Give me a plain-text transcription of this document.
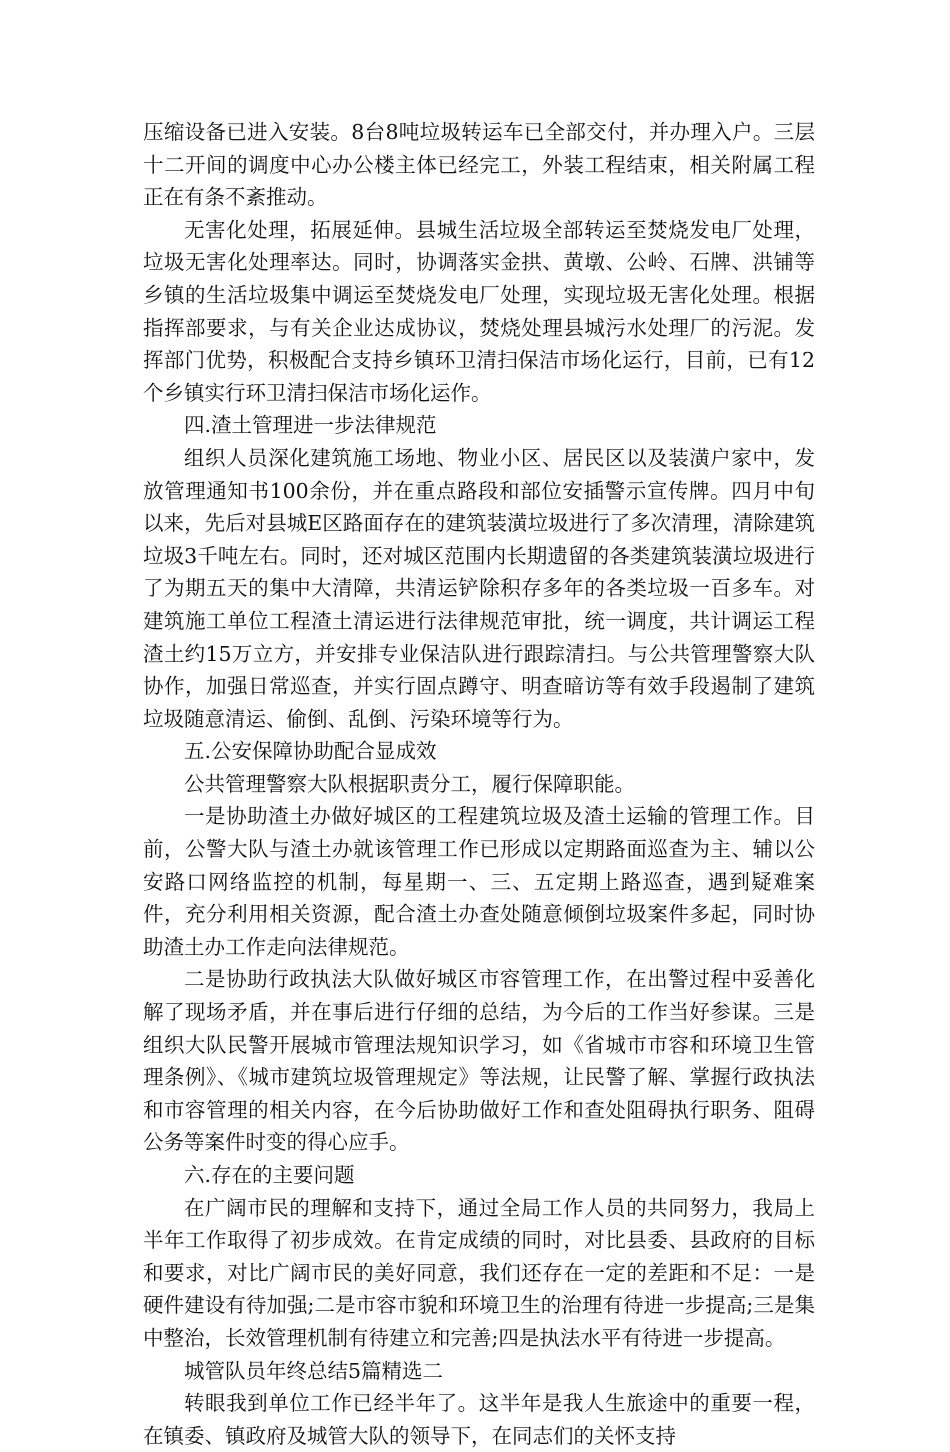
压缩设备已进入安装。8台8吨垃圾转运车已全部交付，并办理入户。三层十二开间的调度中心办公楼主体已经完工，外装工程结束，相关附属工程正在有条不紊推动。

无害化处理，拓展延伸。县城生活垃圾全部转运至焚烧发电厂处理，垃圾无害化处理率达。同时，协调落实金拱、黄墩、公岭、石牌、洪铺等乡镇的生活垃圾集中调运至焚烧发电厂处理，实现垃圾无害化处理。根据指挥部要求，与有关企业达成协议，焚烧处理县城污水处理厂的污泥。发挥部门优势，积极配合支持乡镇环卫清扫保洁市场化运行，目前，已有12个乡镇实行环卫清扫保洁市场化运作。

四.渣土管理进一步法律规范

组织人员深化建筑施工场地、物业小区、居民区以及装潢户家中，发放管理通知书100余份，并在重点路段和部位安插警示宣传牌。四月中旬以来，先后对县城E区路面存在的建筑装潢垃圾进行了多次清理，清除建筑垃圾3千吨左右。同时，还对城区范围内长期遗留的各类建筑装潢垃圾进行了为期五天的集中大清障，共清运铲除积存多年的各类垃圾一百多车。对建筑施工单位工程渣土清运进行法律规范审批，统一调度，共计调运工程渣土约15万立方，并安排专业保洁队进行跟踪清扫。与公共管理警察大队协作，加强日常巡查，并实行固点蹲守、明查暗访等有效手段遏制了建筑垃圾随意清运、偷倒、乱倒、污染环境等行为。

五.公安保障协助配合显成效

公共管理警察大队根据职责分工，履行保障职能。

一是协助渣土办做好城区的工程建筑垃圾及渣土运输的管理工作。目前，公警大队与渣土办就该管理工作已形成以定期路面巡查为主、辅以公安路口网络监控的机制，每星期一、三、五定期上路巡查，遇到疑难案件，充分利用相关资源，配合渣土办查处随意倾倒垃圾案件多起，同时协助渣土办工作走向法律规范。

二是协助行政执法大队做好城区市容管理工作，在出警过程中妥善化解了现场矛盾，并在事后进行仔细的总结，为今后的工作当好参谋。三是组织大队民警开展城市管理法规知识学习，如《省城市市容和环境卫生管理条例》、《城市建筑垃圾管理规定》等法规，让民警了解、掌握行政执法和市容管理的相关内容，在今后协助做好工作和查处阻碍执行职务、阻碍公务等案件时变的得心应手。

六.存在的主要问题

在广阔市民的理解和支持下，通过全局工作人员的共同努力，我局上半年工作取得了初步成效。在肯定成绩的同时，对比县委、县政府的目标和要求，对比广阔市民的美好同意，我们还存在一定的差距和不足：一是硬件建设有待加强;二是市容市貌和环境卫生的治理有待进一步提高;三是集中整治，长效管理机制有待建立和完善;四是执法水平有待进一步提高。

城管队员年终总结5篇精选二

转眼我到单位工作已经半年了。这半年是我人生旅途中的重要一程，在镇委、镇政府及城管大队的领导下，在同志们的关怀支持
